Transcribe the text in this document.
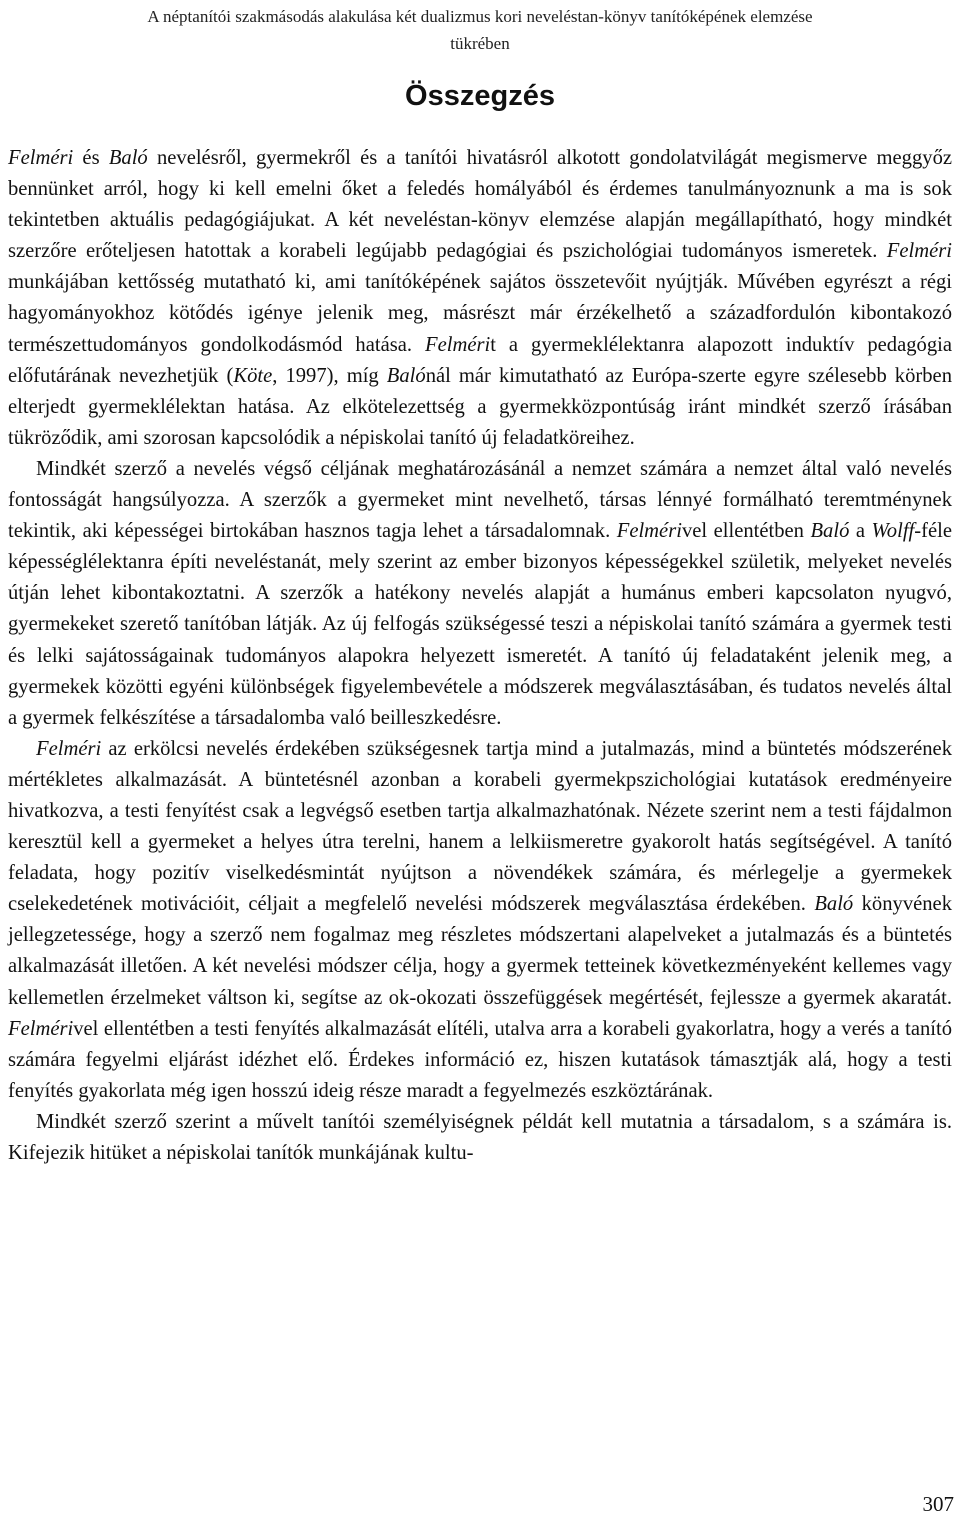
A néptanítói szakmásodás alakulása két dualizmus kori neveléstan-könyv tanítóképének elemzése
tükrében
Összegzés

Felméri és Baló nevelésről, gyermekről és a tanítói hivatásról alkotott gondolatvilágát megismerve meggyőz bennünket arról, hogy ki kell emelni őket a feledés homályából és érdemes tanulmányoznunk a ma is sok tekintetben aktuális pedagógiájukat. A két neveléstan-könyv elemzése alapján megállapítható, hogy mindkét szerzőre erőteljesen hatottak a korabeli legújabb pedagógiai és pszichológiai tudományos ismeretek. Felméri munkájában kettősség mutatható ki, ami tanítóképének sajátos összetevőit nyújtják. Művében egyrészt a régi hagyományokhoz kötődés igénye jelenik meg, másrészt már érzékelhető a századfordulón kibontakozó természettudományos gondolkodásmód hatása. Felmérit a gyermeklélektanra alapozott induktív pedagógia előfutárának nevezhetjük (Köte, 1997), míg Balónál már kimutatható az Európa-szerte egyre szélesebb körben elterjedt gyermeklélektan hatása. Az elkötelezettség a gyermekközpontúság iránt mindkét szerző írásában tükröződik, ami szorosan kapcsolódik a népiskolai tanító új feladatköreihez.

Mindkét szerző a nevelés végső céljának meghatározásánál a nemzet számára a nemzet által való nevelés fontosságát hangsúlyozza. A szerzők a gyermeket mint nevelhető, társas lénnyé formálható teremtménynek tekintik, aki képességei birtokában hasznos tagja lehet a társadalomnak. Felmérivel ellentétben Baló a Wolff-féle képességlélektanra építi neveléstanát, mely szerint az ember bizonyos képességekkel születik, melyeket nevelés útján lehet kibontakoztatni. A szerzők a hatékony nevelés alapját a humánus emberi kapcsolaton nyugvó, gyermekeket szerető tanítóban látják. Az új felfogás szükségessé teszi a népiskolai tanító számára a gyermek testi és lelki sajátosságainak tudományos alapokra helyezett ismeretét. A tanító új feladataként jelenik meg, a gyermekek közötti egyéni különbségek figyelembevétele a módszerek megválasztásában, és tudatos nevelés által a gyermek felkészítése a társadalomba való beilleszkedésre.

Felméri az erkölcsi nevelés érdekében szükségesnek tartja mind a jutalmazás, mind a büntetés módszerének mértékletes alkalmazását. A büntetésnél azonban a korabeli gyermekpszichológiai kutatások eredményeire hivatkozva, a testi fenyítést csak a legvégső esetben tartja alkalmazhatónak. Nézete szerint nem a testi fájdalmon keresztül kell a gyermeket a helyes útra terelni, hanem a lelkiismeretre gyakorolt hatás segítségével. A tanító feladata, hogy pozitív viselkedésmintát nyújtson a növendékek számára, és mérlegelje a gyermekek cselekedetének motivációit, céljait a megfelelő nevelési módszerek megválasztása érdekében. Baló könyvének jellegzetessége, hogy a szerző nem fogalmaz meg részletes módszertani alapelveket a jutalmazás és a büntetés alkalmazását illetően. A két nevelési módszer célja, hogy a gyermek tetteinek következményeként kellemes vagy kellemetlen érzelmeket váltson ki, segítse az ok-okozati összefüggések megértését, fejlessze a gyermek akaratát. Felmérivel ellentétben a testi fenyítés alkalmazását elítéli, utalva arra a korabeli gyakorlatra, hogy a verés a tanító számára fegyelmi eljárást idézhet elő. Érdekes információ ez, hiszen kutatások támasztják alá, hogy a testi fenyítés gyakorlata még igen hosszú ideig része maradt a fegyelmezés eszköztárának.

Mindkét szerző szerint a művelt tanítói személyiségnek példát kell mutatnia a társadalom, s a számára is. Kifejezik hitüket a népiskolai tanítók munkájának kultu-

307
